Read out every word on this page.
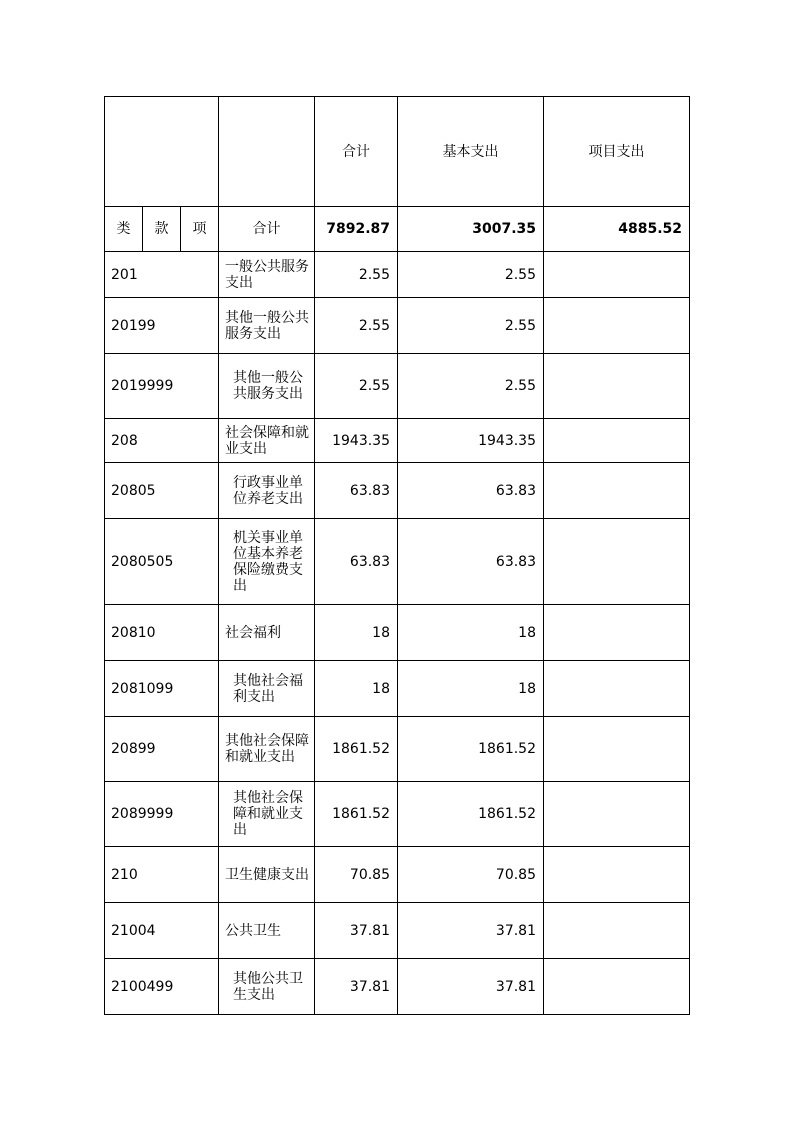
				合计	基本支出	项目支出
类	款	项	合计	7892.87	3007.35	4885.52
201			一般公共服务支出	2.55	2.55	
20199			其他一般公共服务支出	2.55	2.55	
2019999			其他一般公共服务支出	2.55	2.55	
208			社会保障和就业支出	1943.35	1943.35	
20805			行政事业单位养老支出	63.83	63.83	
2080505			机关事业单位基本养老保险缴费支出	63.83	63.83	
20810			社会福利	18	18	
2081099			其他社会福利支出	18	18	
20899			其他社会保障和就业支出	1861.52	1861.52	
2089999			其他社会保障和就业支出	1861.52	1861.52	
210			卫生健康支出	70.85	70.85	
21004			公共卫生	37.81	37.81	
2100499			其他公共卫生支出	37.81	37.81	
